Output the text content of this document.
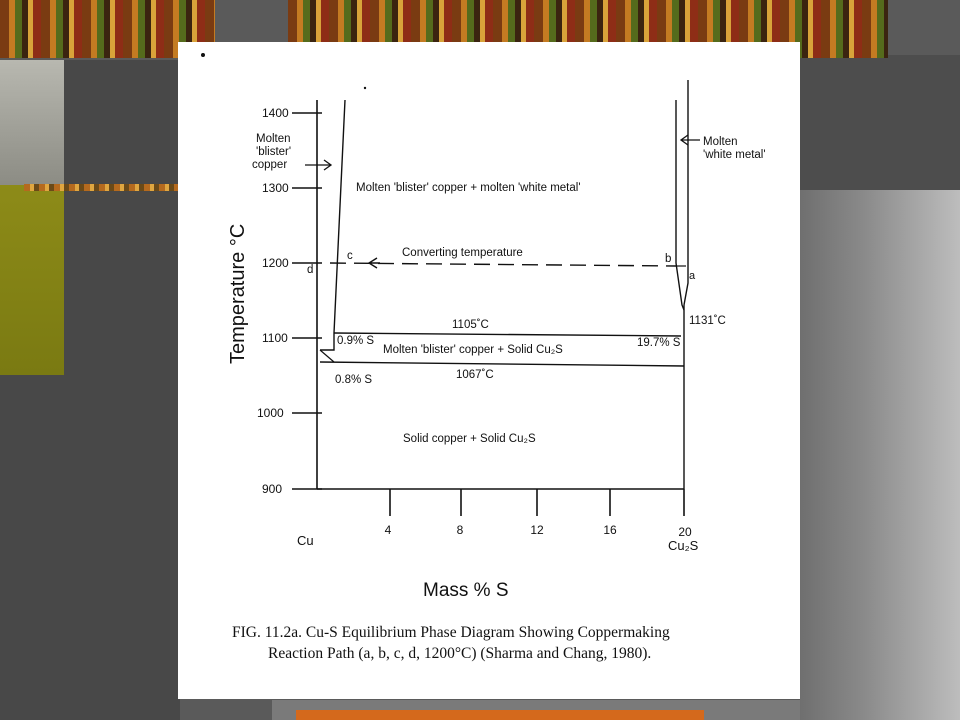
1400
1300
1200
1100
1000
900
4	8	12	16	20
Cu	Cu₂S
Temperature °C
Mass % S
Molten
'blister'
copper
Molten
'white metal'
Molten 'blister' copper + molten 'white metal'
Converting temperature
Molten 'blister' copper + Solid Cu₂S
Solid copper + Solid Cu₂S
1105˚C	1131˚C
1067˚C
0.9% S	19.7% S
0.8% S
a
b
c
d
FIG. 11.2a. Cu-S Equilibrium Phase Diagram Showing Coppermaking
Reaction Path (a, b, c, d, 1200°C) (Sharma and Chang, 1980).
